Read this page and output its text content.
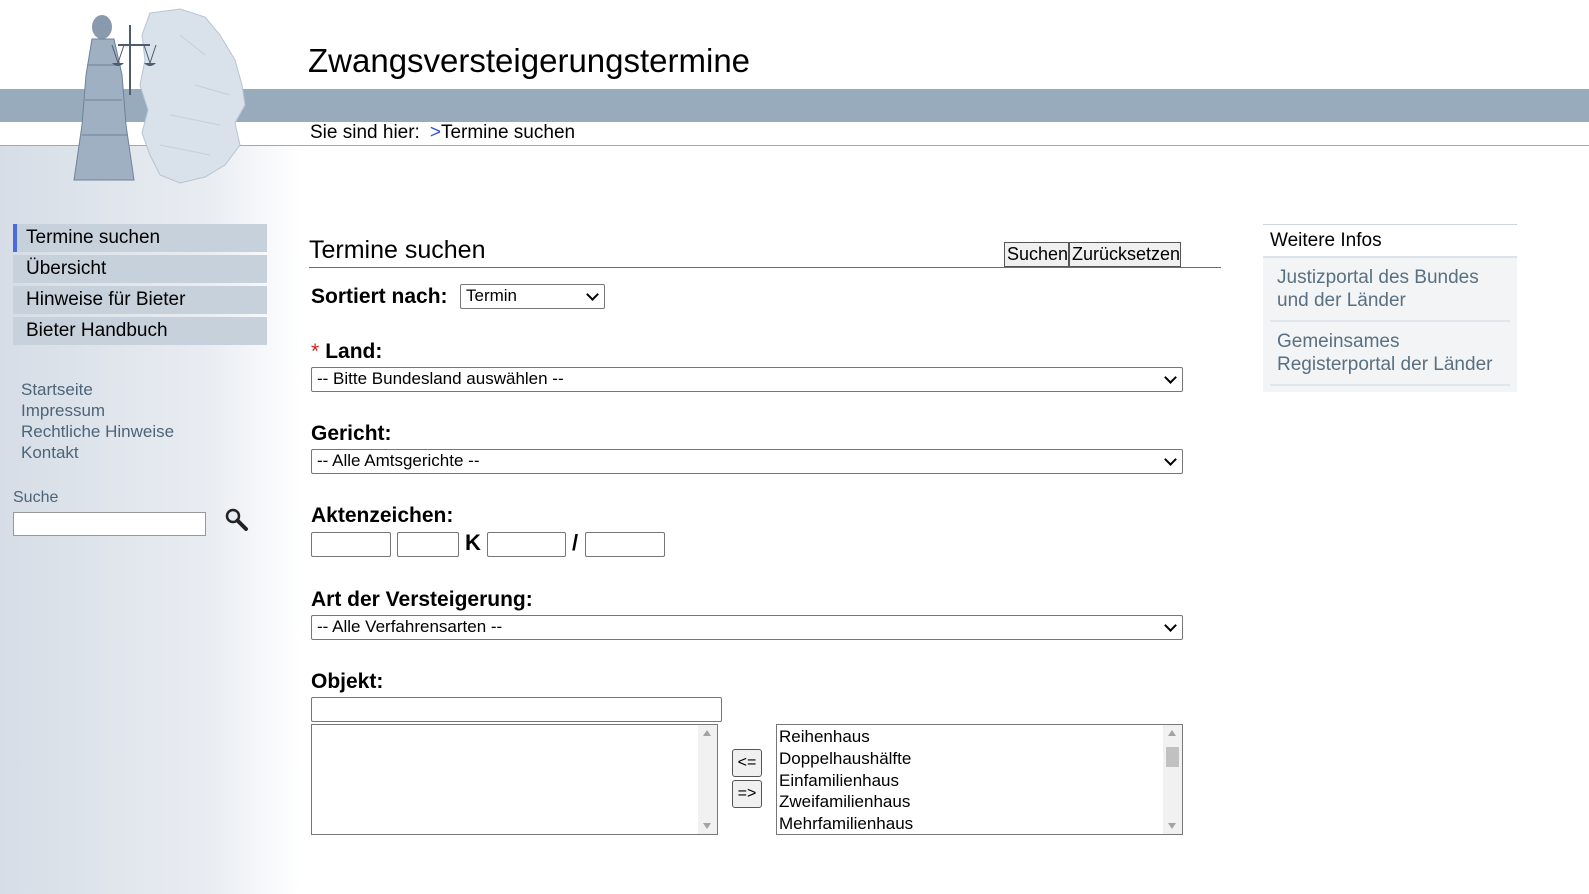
Zwangsversteigerungstermine
Sie sind hier: >Termine suchen
Termine suchen
Übersicht
Hinweise für Bieter
Bieter Handbuch
Startseite
Impressum
Rechtliche Hinweise
Kontakt
Suche
Termine suchen	Suchen Zurücksetzen
Sortiert nach:	Termin
* Land:
-- Bitte Bundesland auswählen --
Gericht:
-- Alle Amtsgerichte --
Aktenzeichen:
K	/
Art der Versteigerung:
-- Alle Verfahrensarten --
Objekt:
<=
=>
Reihenhaus
Doppelhaushälfte
Einfamilienhaus
Zweifamilienhaus
Mehrfamilienhaus
Weitere Infos
Justizportal des Bundes und der Länder
Gemeinsames Registerportal der Länder
